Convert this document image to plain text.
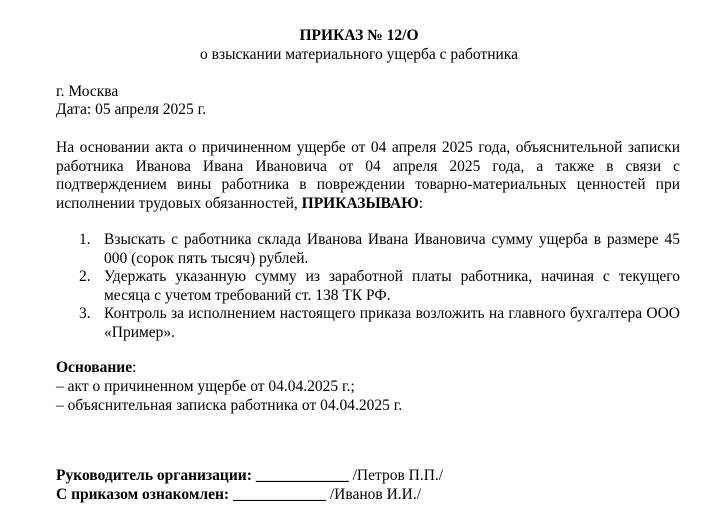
ПРИКАЗ № 12/О
о взыскании материального ущерба с работника
г. Москва
Дата: 05 апреля 2025 г.

На основании акта о причиненном ущербе от 04 апреля 2025 года, объяснительной записки работника Иванова Ивана Ивановича от 04 апреля 2025 года, а также в связи с подтверждением вины работника в повреждении товарно-материальных ценностей при исполнении трудовых обязанностей, ПРИКАЗЫВАЮ:

1. Взыскать с работника склада Иванова Ивана Ивановича сумму ущерба в размере 45 000 (сорок пять тысяч) рублей.
2. Удержать указанную сумму из заработной платы работника, начиная с текущего месяца с учетом требований ст. 138 ТК РФ.
3. Контроль за исполнением настоящего приказа возложить на главного бухгалтера ООО «Пример».
Основание:
– акт о причиненном ущербе от 04.04.2025 г.;
– объяснительная записка работника от 04.04.2025 г.
Руководитель организации: ____________ /Петров П.П./
С приказом ознакомлен: ____________ /Иванов И.И./
